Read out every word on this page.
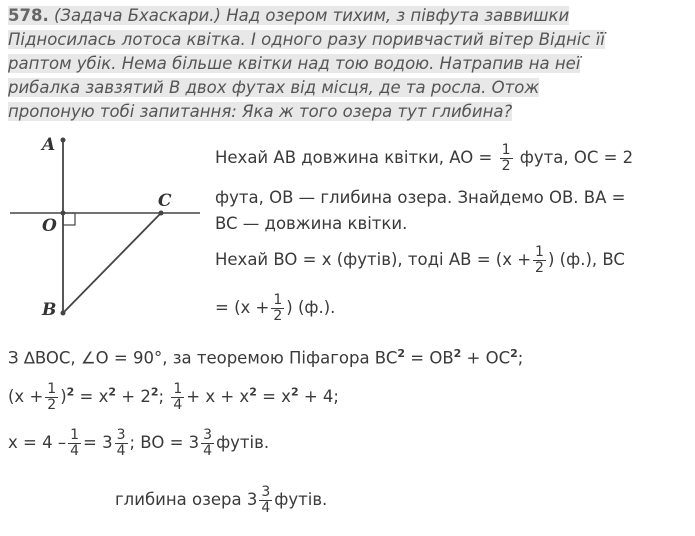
578. (Задача Бхаскари.) Над озером тихим, з півфута заввишки
Підносилась лотоса квітка. І одного разу поривчастий вітер Відніс її
раптом убік. Нема більше квітки над тою водою. Натрапив на неї
рибалка завзятий В двох футах від місця, де та росла. Отож
пропоную тобі запитання: Яка ж того озера тут глибина?
A
C
O
B
Нехай AB довжина квітки, AO = $\frac{1}{2}$ фута, OC = 2
фута, OB — глибина озера. Знайдемо OB. BA =
BC — довжина квітки.
Нехай BO = x (футів), тоді AB = ($x + \frac{1}{2}$ ) (ф.), BC
= ($x + \frac{1}{2}$ ) (ф.).
З ∆BOC, ∠O = 90°, за теоремою Піфагора $BC^2 = OB^2 + OC^2$;
$(x + \frac{1}{2} )^2 = x^2 + 2^2$; $\frac{1}{4} + x + x^2 = x^2 + 4$;
$x = 4 - \frac{1}{4} = 3 \frac{3}{4}$ ; BO = $3 \frac{3}{4}$ футів.
глибина озера $3 \frac{3}{4}$ футів.
